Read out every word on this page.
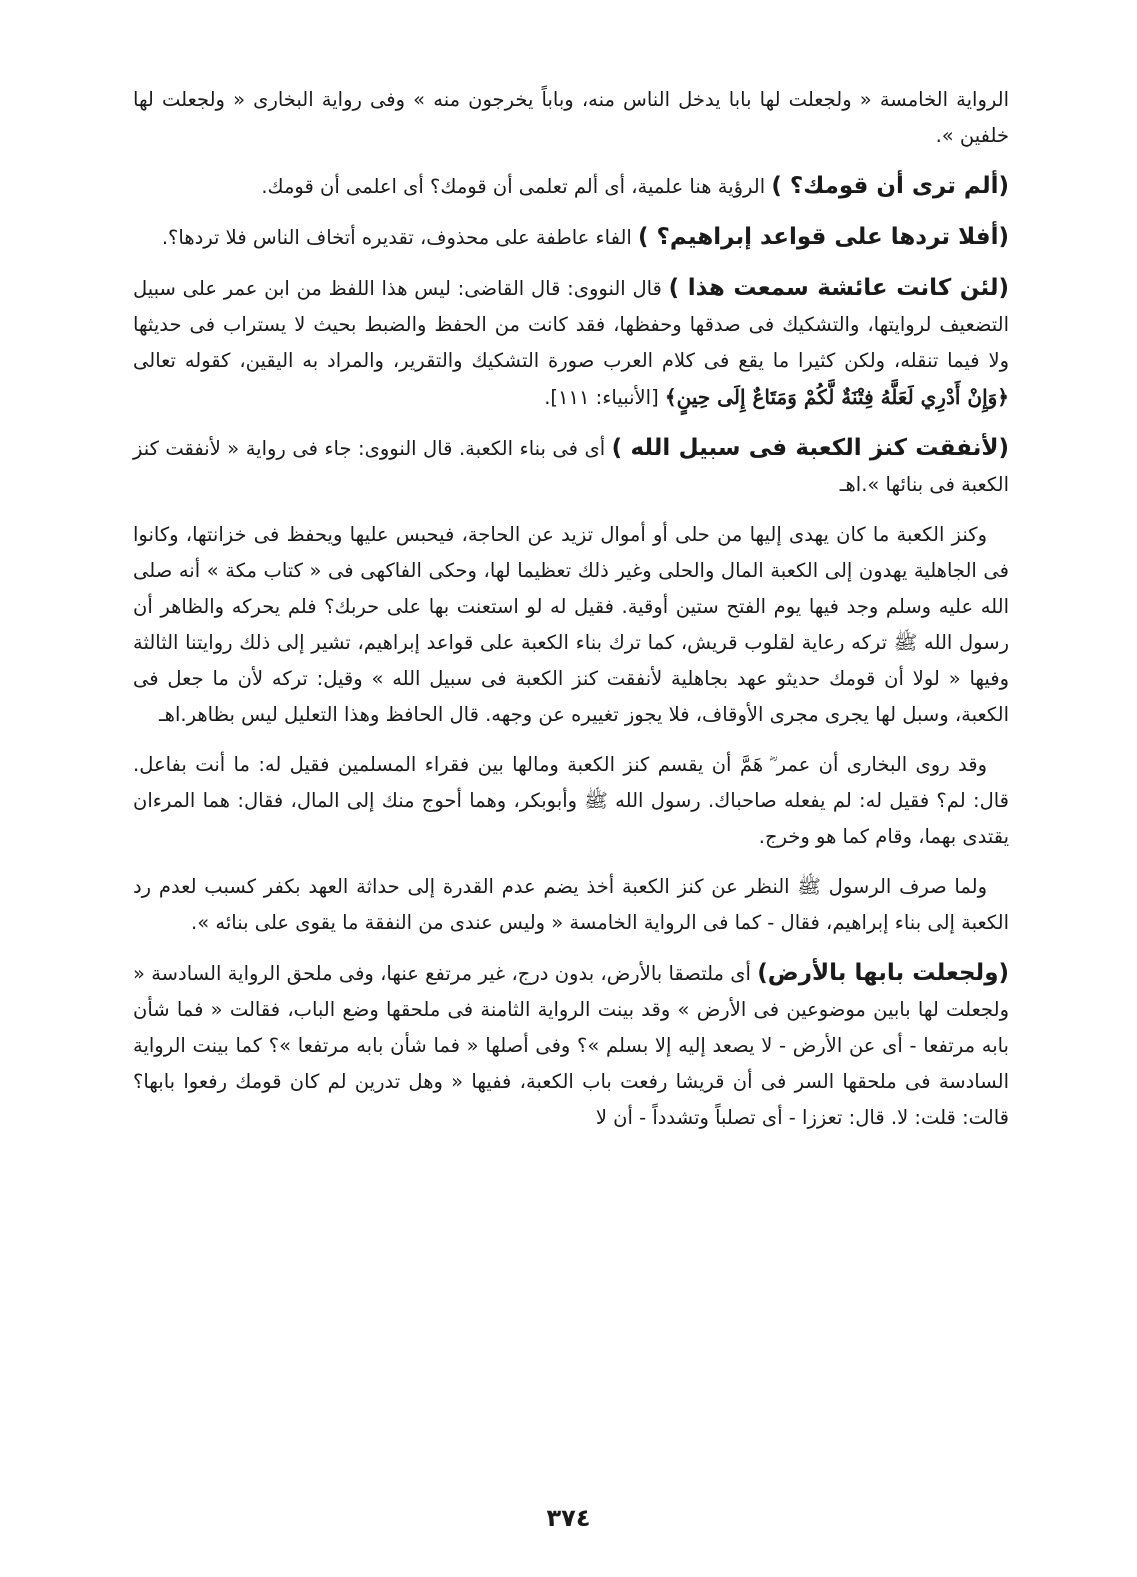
الرواية الخامسة « ولجعلت لها بابا يدخل الناس منه، وباباً يخرجون منه » وفى رواية البخارى « ولجعلت لها خلفين ».

(ألم ترى أن قومك؟ ) الرؤية هنا علمية، أى ألم تعلمى أن قومك؟ أى اعلمى أن قومك.

(أفلا تردها على قواعد إبراهيم؟ ) الفاء عاطفة على محذوف، تقديره أتخاف الناس فلا تردها؟.

(لئن كانت عائشة سمعت هذا ) قال النووى: قال القاضى: ليس هذا اللفظ من ابن عمر على سبيل التضعيف لروايتها، والتشكيك فى صدقها وحفظها، فقد كانت من الحفظ والضبط بحيث لا يستراب فى حديثها ولا فيما تنقله، ولكن كثيرا ما يقع فى كلام العرب صورة التشكيك والتقرير، والمراد به اليقين، كقوله تعالى ﴿وَإِنْ أَدْرِي لَعَلَّهُ فِتْنَةٌ لَّكُمْ وَمَتَاعٌ إِلَى حِينٍ﴾ [الأنبياء: ١١١].

(لأنفقت كنز الكعبة فى سبيل الله ) أى فى بناء الكعبة. قال النووى: جاء فى رواية « لأنفقت كنز الكعبة فى بنائها ».اهـ

وكنز الكعبة ما كان يهدى إليها من حلى أو أموال تزيد عن الحاجة، فيحبس عليها ويحفظ فى خزانتها، وكانوا فى الجاهلية يهدون إلى الكعبة المال والحلى وغير ذلك تعظيما لها، وحكى الفاكهى فى « كتاب مكة » أنه صلى الله عليه وسلم وجد فيها يوم الفتح ستين أوقية. فقيل له لو استعنت بها على حربك؟ فلم يحركه والظاهر أن رسول الله ﷺ تركه رعاية لقلوب قريش، كما ترك بناء الكعبة على قواعد إبراهيم، تشير إلى ذلك روايتنا الثالثة وفيها « لولا أن قومك حديثو عهد بجاهلية لأنفقت كنز الكعبة فى سبيل الله » وقيل: تركه لأن ما جعل فى الكعبة، وسبل لها يجرى مجرى الأوقاف، فلا يجوز تغييره عن وجهه. قال الحافظ وهذا التعليل ليس بظاهر.اهـ

وقد روى البخارى أن عمر ؓ هَمَّ أن يقسم كنز الكعبة ومالها بين فقراء المسلمين فقيل له: ما أنت بفاعل. قال: لم؟ فقيل له: لم يفعله صاحباك. رسول الله ﷺ وأبوبكر، وهما أحوج منك إلى المال، فقال: هما المرءان يقتدى بهما، وقام كما هو وخرج.

ولما صرف الرسول ﷺ النظر عن كنز الكعبة أخذ يضم عدم القدرة إلى حداثة العهد بكفر كسبب لعدم رد الكعبة إلى بناء إبراهيم، فقال - كما فى الرواية الخامسة « وليس عندى من النفقة ما يقوى على بنائه ».

(ولجعلت بابها بالأرض) أى ملتصقا بالأرض، بدون درج، غير مرتفع عنها، وفى ملحق الرواية السادسة « ولجعلت لها بابين موضوعين فى الأرض » وقد بينت الرواية الثامنة فى ملحقها وضع الباب، فقالت « فما شأن بابه مرتفعا - أى عن الأرض - لا يصعد إليه إلا بسلم »؟ وفى أصلها « فما شأن بابه مرتفعا »؟ كما بينت الرواية السادسة فى ملحقها السر فى أن قريشا رفعت باب الكعبة، ففيها « وهل تدرين لم كان قومك رفعوا بابها؟ قالت: قلت: لا. قال: تعززا - أى تصلباً وتشدداً - أن لا

٣٧٤
